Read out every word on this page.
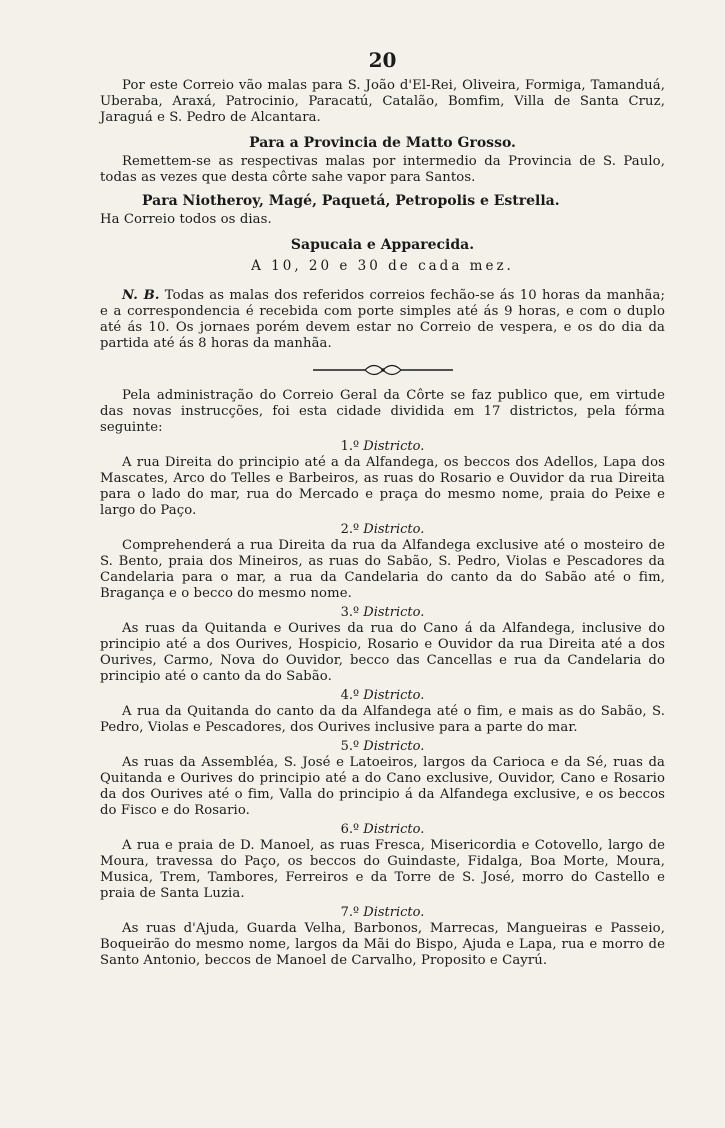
20

Por este Correio vão malas para S. João d'El-Rei, Oliveira, Formiga, Tamanduá, Uberaba, Araxá, Patrocinio, Paracatú, Catalão, Bomfim, Villa de Santa Cruz, Jaraguá e S. Pedro de Alcantara.

Para a Provincia de Matto Grosso.

Remettem-se as respectivas malas por intermedio da Provincia de S. Paulo, todas as vezes que desta côrte sahe vapor para Santos.

Para Niotheroy, Magé, Paquetá, Petropolis e Estrella.

Ha Correio todos os dias.

Sapucaia e Apparecida.
A 10, 20 e 30 de cada mez.

N. B. Todas as malas dos referidos correios fechão-se ás 10 horas da manhãa; e a correspondencia é recebida com porte simples até ás 9 horas, e com o duplo até ás 10. Os jornaes porém devem estar no Correio de vespera, e os do dia da partida até ás 8 horas da manhãa.

Pela administração do Correio Geral da Côrte se faz publico que, em virtude das novas instrucções, foi esta cidade dividida em 17 districtos, pela fórma seguinte:

1.º Districto.

A rua Direita do principio até a da Alfandega, os beccos dos Adellos, Lapa dos Mascates, Arco do Telles e Barbeiros, as ruas do Rosario e Ouvidor da rua Direita para o lado do mar, rua do Mercado e praça do mesmo nome, praia do Peixe e largo do Paço.

2.º Districto.

Comprehenderá a rua Direita da rua da Alfandega exclusive até o mosteiro de S. Bento, praia dos Mineiros, as ruas do Sabão, S. Pedro, Violas e Pescadores da Candelaria para o mar, a rua da Candelaria do canto da do Sabão até o fim, Bragança e o becco do mesmo nome.

3.º Districto.

As ruas da Quitanda e Ourives da rua do Cano á da Alfandega, inclusive do principio até a dos Ourives, Hospicio, Rosario e Ouvidor da rua Direita até a dos Ourives, Carmo, Nova do Ouvidor, becco das Cancellas e rua da Candelaria do principio até o canto da do Sabão.

4.º Districto.

A rua da Quitanda do canto da da Alfandega até o fim, e mais as do Sabão, S. Pedro, Violas e Pescadores, dos Ourives inclusive para a parte do mar.

5.º Districto.

As ruas da Assembléa, S. José e Latoeiros, largos da Carioca e da Sé, ruas da Quitanda e Ourives do principio até a do Cano exclusive, Ouvidor, Cano e Rosario da dos Ourives até o fim, Valla do principio á da Alfandega exclusive, e os beccos do Fisco e do Rosario.

6.º Districto.

A rua e praia de D. Manoel, as ruas Fresca, Misericordia e Cotovello, largo de Moura, travessa do Paço, os beccos do Guindaste, Fidalga, Boa Morte, Moura, Musica, Trem, Tambores, Ferreiros e da Torre de S. José, morro do Castello e praia de Santa Luzia.

7.º Districto.

As ruas d'Ajuda, Guarda Velha, Barbonos, Marrecas, Mangueiras e Passeio, Boqueirão do mesmo nome, largos da Mãi do Bispo, Ajuda e Lapa, rua e morro de Santo Antonio, beccos de Manoel de Carvalho, Proposito e Cayrú.
